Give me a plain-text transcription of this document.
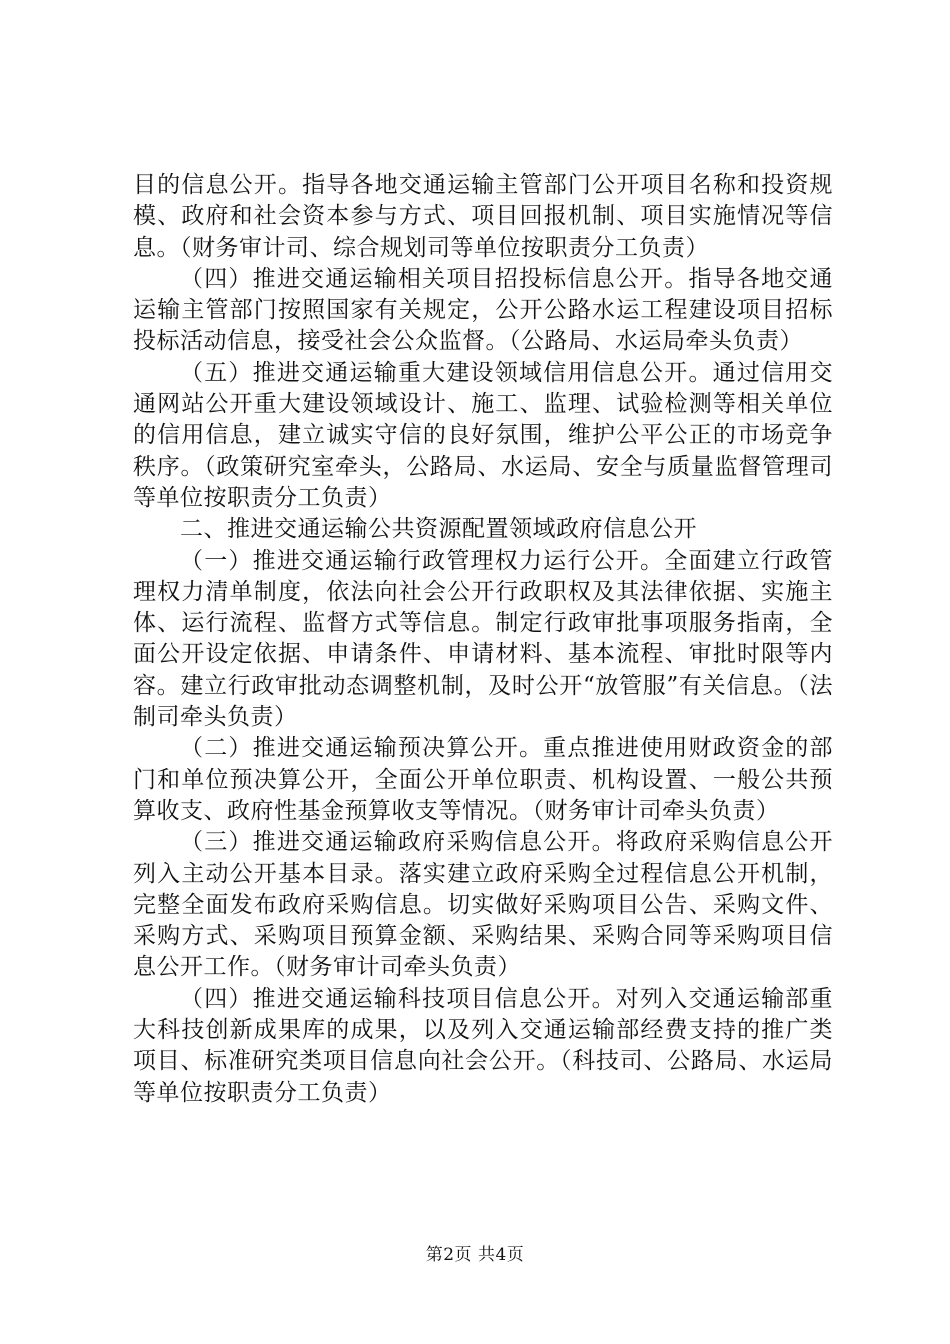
目的信息公开。指导各地交通运输主管部门公开项目名称和投资规模、政府和社会资本参与方式、项目回报机制、项目实施情况等信息。（财务审计司、综合规划司等单位按职责分工负责）

（四）推进交通运输相关项目招投标信息公开。指导各地交通运输主管部门按照国家有关规定，公开公路水运工程建设项目招标投标活动信息，接受社会公众监督。（公路局、水运局牵头负责）

（五）推进交通运输重大建设领域信用信息公开。通过信用交通网站公开重大建设领域设计、施工、监理、试验检测等相关单位的信用信息，建立诚实守信的良好氛围，维护公平公正的市场竞争秩序。（政策研究室牵头，公路局、水运局、安全与质量监督管理司等单位按职责分工负责）

二、推进交通运输公共资源配置领域政府信息公开

（一）推进交通运输行政管理权力运行公开。全面建立行政管理权力清单制度，依法向社会公开行政职权及其法律依据、实施主体、运行流程、监督方式等信息。制定行政审批事项服务指南，全面公开设定依据、申请条件、申请材料、基本流程、审批时限等内容。建立行政审批动态调整机制，及时公开“放管服”有关信息。（法制司牵头负责）

（二）推进交通运输预决算公开。重点推进使用财政资金的部门和单位预决算公开，全面公开单位职责、机构设置、一般公共预算收支、政府性基金预算收支等情况。（财务审计司牵头负责）

（三）推进交通运输政府采购信息公开。将政府采购信息公开列入主动公开基本目录。落实建立政府采购全过程信息公开机制，完整全面发布政府采购信息。切实做好采购项目公告、采购文件、采购方式、采购项目预算金额、采购结果、采购合同等采购项目信息公开工作。（财务审计司牵头负责）

（四）推进交通运输科技项目信息公开。对列入交通运输部重大科技创新成果库的成果，以及列入交通运输部经费支持的推广类项目、标准研究类项目信息向社会公开。（科技司、公路局、水运局等单位按职责分工负责）

第2页 共4页
